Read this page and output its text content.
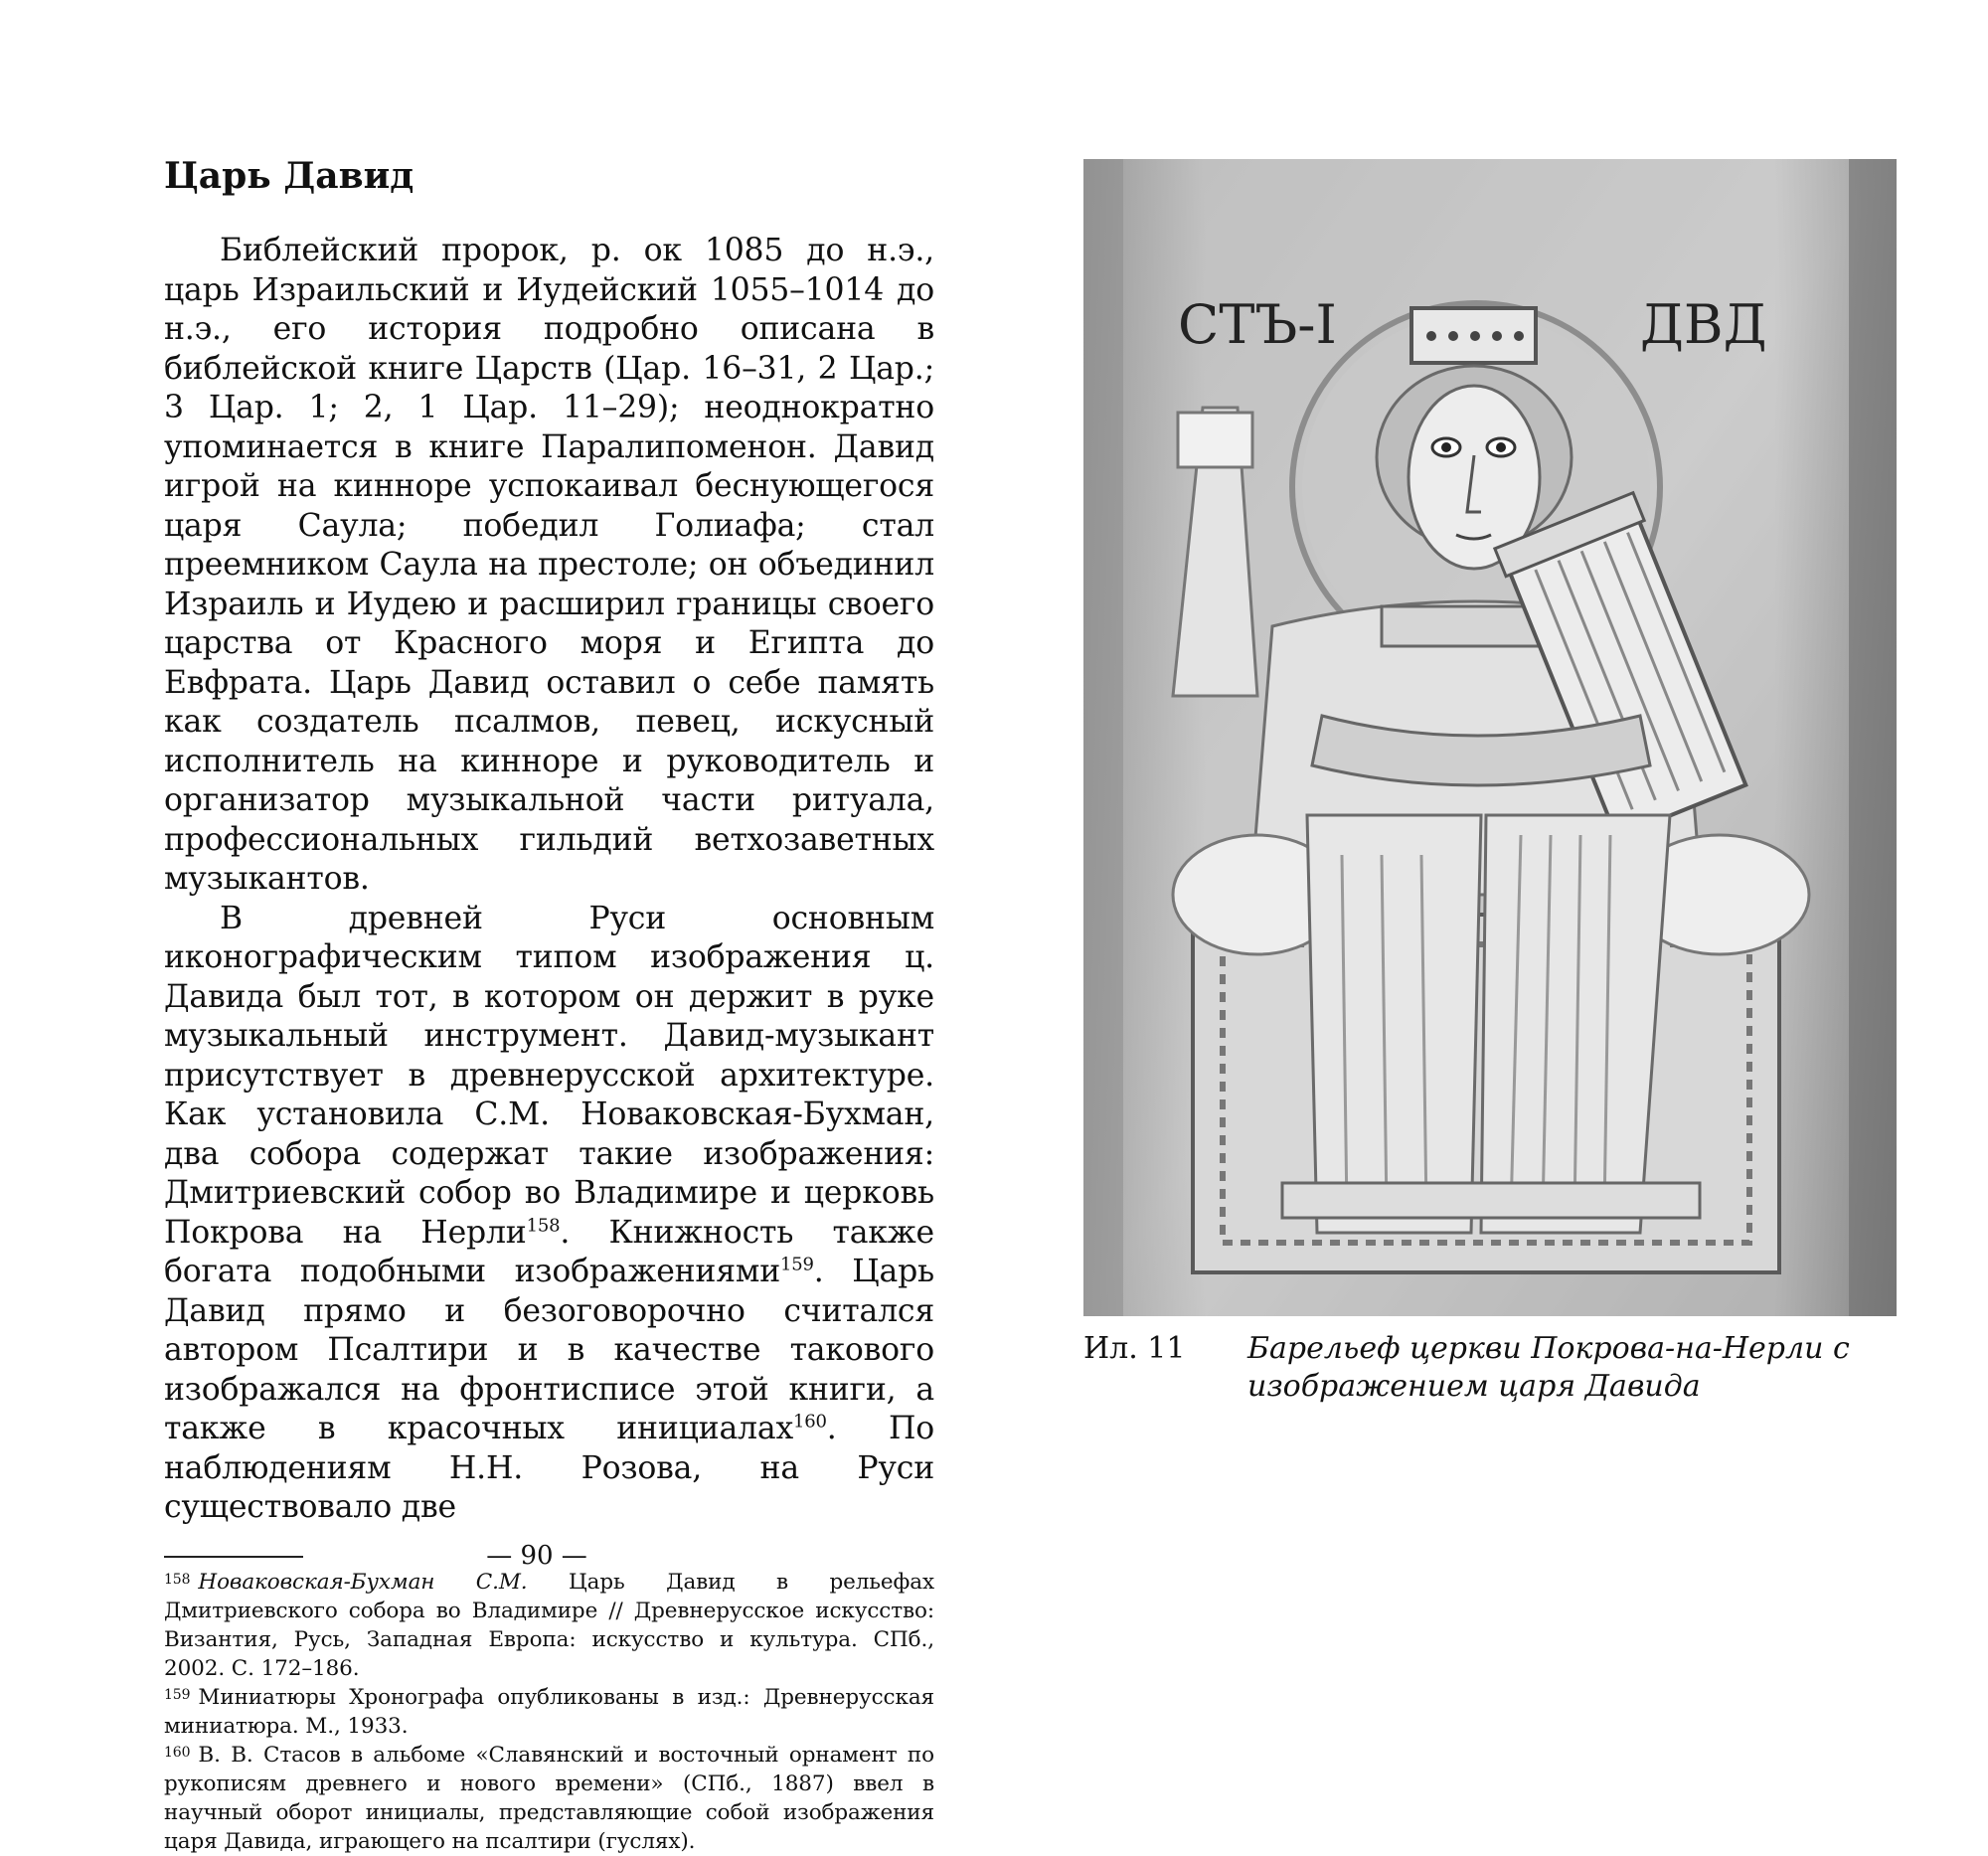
Царь Давид

Библейский пророк, р. ок 1085 до н.э., царь Израильский и Иудейский 1055–1014 до н.э., его история подробно описана в библейской книге Царств (Цар. 16–31, 2 Цар.; 3 Цар. 1; 2, 1 Цар. 11–29); неоднократно упоминается в книге Паралипоменон. Давид игрой на кинноре успокаивал беснующегося царя Саула; победил Голиафа; стал преемником Саула на престоле; он объединил Израиль и Иудею и расширил границы своего царства от Красного моря и Египта до Евфрата. Царь Давид оставил о себе память как создатель псалмов, певец, искусный исполнитель на кинноре и руководитель и организатор музыкальной части ритуала, профессиональных гильдий ветхозаветных музыкантов.

В древней Руси основным иконографическим типом изображения ц. Давида был тот, в котором он держит в руке музыкальный инструмент. Давид-музыкант присутствует в древнерусской архитектуре. Как установила С.М. Новаковская-Бухман, два собора содержат такие изображения: Дмитриевский собор во Владимире и церковь Покрова на Нерли$^{158}$. Книжность также богата подобными изображениями$^{159}$. Царь Давид прямо и безоговорочно считался автором Псалтири и в качестве такового изображался на фронтисписе этой книги, а также в красочных инициалах$^{160}$. По наблюдениям Н.Н. Розова, на Руси существовало две

$^{158}$ Новаковская-Бухман С.М. Царь Давид в рельефах Дмитриевского собора во Владимире // Древнерусское искусство: Византия, Русь, Западная Европа: искусство и культура. СПб., 2002. С. 172–186.

$^{159}$ Миниатюры Хронографа опубликованы в изд.: Древнерусская миниатюра. М., 1933.

$^{160}$ В. В. Стасов в альбоме «Славянский и восточный орнамент по рукописям древнего и нового времени» (СПб., 1887) ввел в научный оборот инициалы, представляющие собой изображения царя Давида, играющего на псалтири (гуслях).

— 90 —
СТЪ-І	ДВД
Ил. 11 Барельеф церкви Покрова-на-Нерли с изображением царя Давида
